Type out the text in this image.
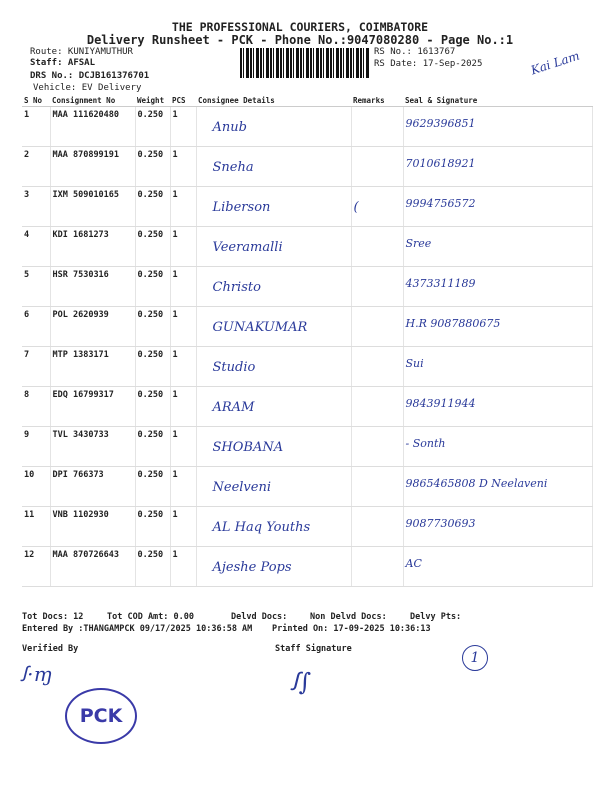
THE PROFESSIONAL COURIERS, COIMBATORE
Delivery Runsheet - PCK - Phone No.:9047080280 - Page No.:1
Route: KUNIYAMUTHUR
Staff: AFSAL
DRS No.: DCJB161376701
Vehicle: EV Delivery
RS No.: 1613767
RS Date: 17-Sep-2025	Kai Lam
S No	Consignment No	Weight	PCS	Consignee Details	Remarks	Seal & Signature
1	MAA 111620480	0.250	1	Anub		9629396851
2	MAA 870899191	0.250	1	Sneha		7010618921
3	IXM 509010165	0.250	1	Liberson	(	9994756572
4	KDI 1681273	0.250	1	Veeramalli		Sree
5	HSR 7530316	0.250	1	Christo		4373311189
6	POL 2620939	0.250	1	GUNAKUMAR		H.R 9087880675
7	MTP 1383171	0.250	1	Studio		Sui
8	EDQ 16799317	0.250	1	ARAM		9843911944
9	TVL 3430733	0.250	1	SHOBANA		- Sonth
10	DPI 766373	0.250	1	Neelveni		9865465808 D Neelaveni
11	VNB 1102930	0.250	1	AL Haq Youths		9087730693
12	MAA 870726643	0.250	1	Ajeshe Pops		AC
Tot Docs: 12	Tot COD Amt: 0.00	Delvd Docs:	Non Delvd Docs:	Delvy Pts:
Entered By :THANGAMPCK 09/17/2025 10:36:58 AM Printed On: 17-09-2025 10:36:13
Verified By	Staff Signature
ꭍ·ɱ	ꭍ∫
1
PCK
